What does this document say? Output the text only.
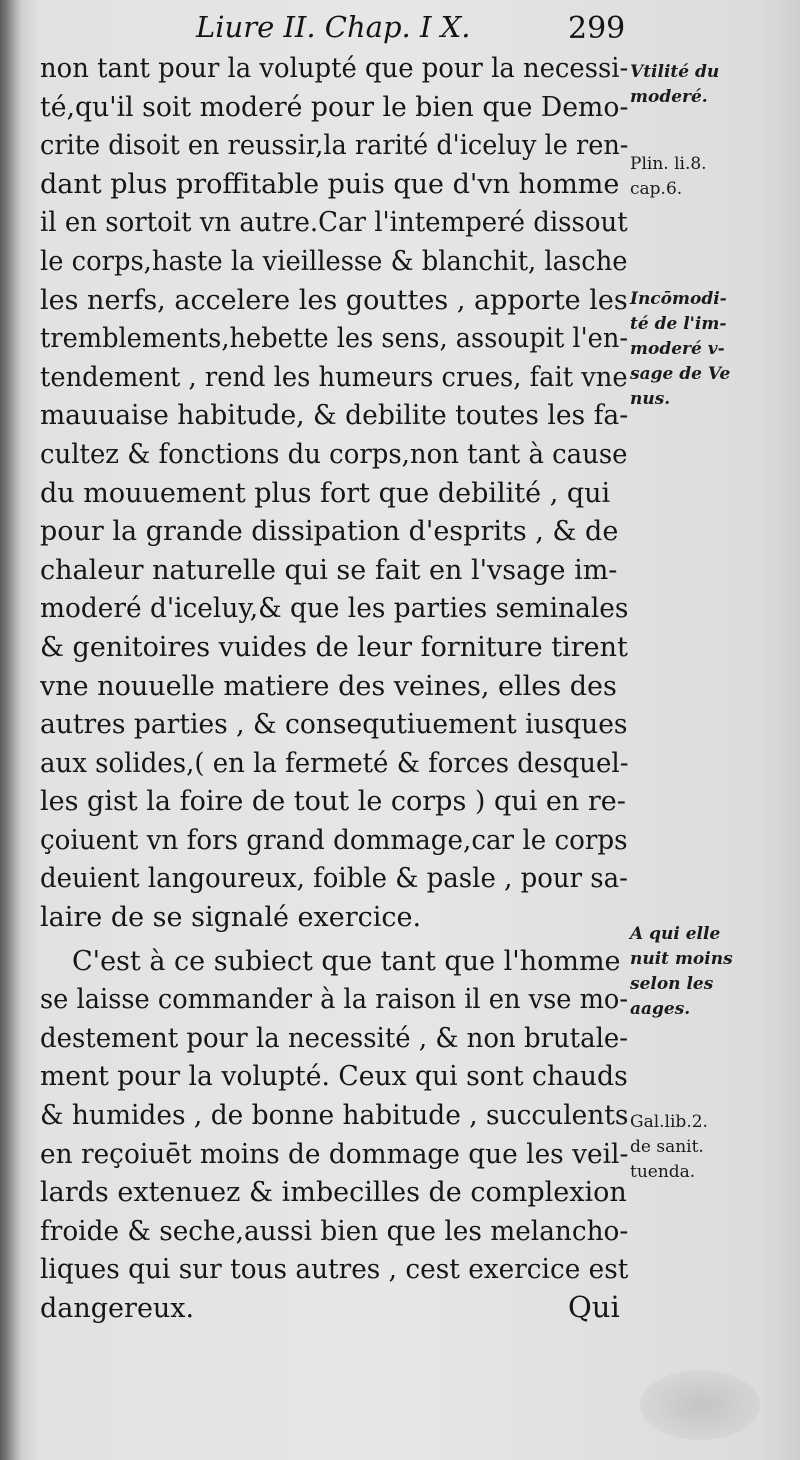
Liure II. Chap. I X.	299
non tant pour la volupté que pour la necessi-
té,qu'il soit moderé pour le bien que Demo-
crite disoit en reussir,la rarité d'iceluy le ren-
dant plus proffitable puis que d'vn homme
il en sortoit vn autre.Car l'intemperé dissout
le corps,haste la vieillesse & blanchit, lasche
les nerfs, accelere les gouttes , apporte les
tremblements,hebette les sens, assoupit l'en-
tendement , rend les humeurs crues, fait vne
mauuaise habitude, & debilite toutes les fa-
cultez & fonctions du corps,non tant à cause
du mouuement plus fort que debilité , qui
pour la grande dissipation d'esprits , & de
chaleur naturelle qui se fait en l'vsage im-
moderé d'iceluy,& que les parties seminales
& genitoires vuides de leur forniture tirent
vne nouuelle matiere des veines, elles des
autres parties , & consequtiuement iusques
aux solides,( en la fermeté & forces desquel-
les gist la foire de tout le corps ) qui en re-
çoiuent vn fors grand dommage,car le corps
deuient langoureux, foible & pasle , pour sa-
laire de se signalé exercice.
C'est à ce subiect que tant que l'homme
se laisse commander à la raison il en vse mo-
destement pour la necessité , & non brutale-
ment pour la volupté. Ceux qui sont chauds
& humides , de bonne habitude , succulents
en reçoiuēt moins de dommage que les veil-
lards extenuez & imbecilles de complexion
froide & seche,aussi bien que les melancho-
liques qui sur tous autres , cest exercice est
dangereux.	Qui
Vtilité du
moderé.
Plin. li.8.
cap.6.
Incōmodi-
té de l'im-
moderé v-
sage de Ve
nus.
A qui elle
nuit moins
selon les
aages.
Gal.lib.2.
de sanit.
tuenda.
